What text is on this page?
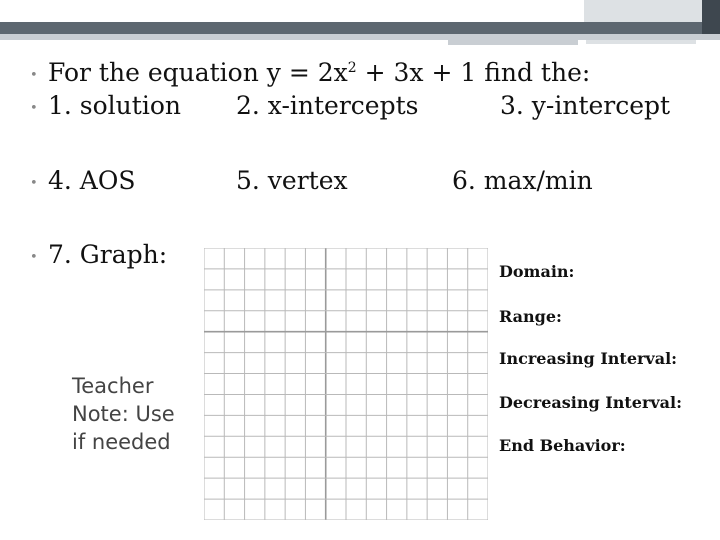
• For the equation $y = 2x^2 + 3x + 1$ find the:
• 1. solution 2. x-intercepts	3. y-intercept
• 4. AOS	5. vertex	6. max/min
• 7. Graph:
Teacher Note: Use if needed
Domain:
Range:
Increasing Interval:
Decreasing Interval:
End Behavior:
